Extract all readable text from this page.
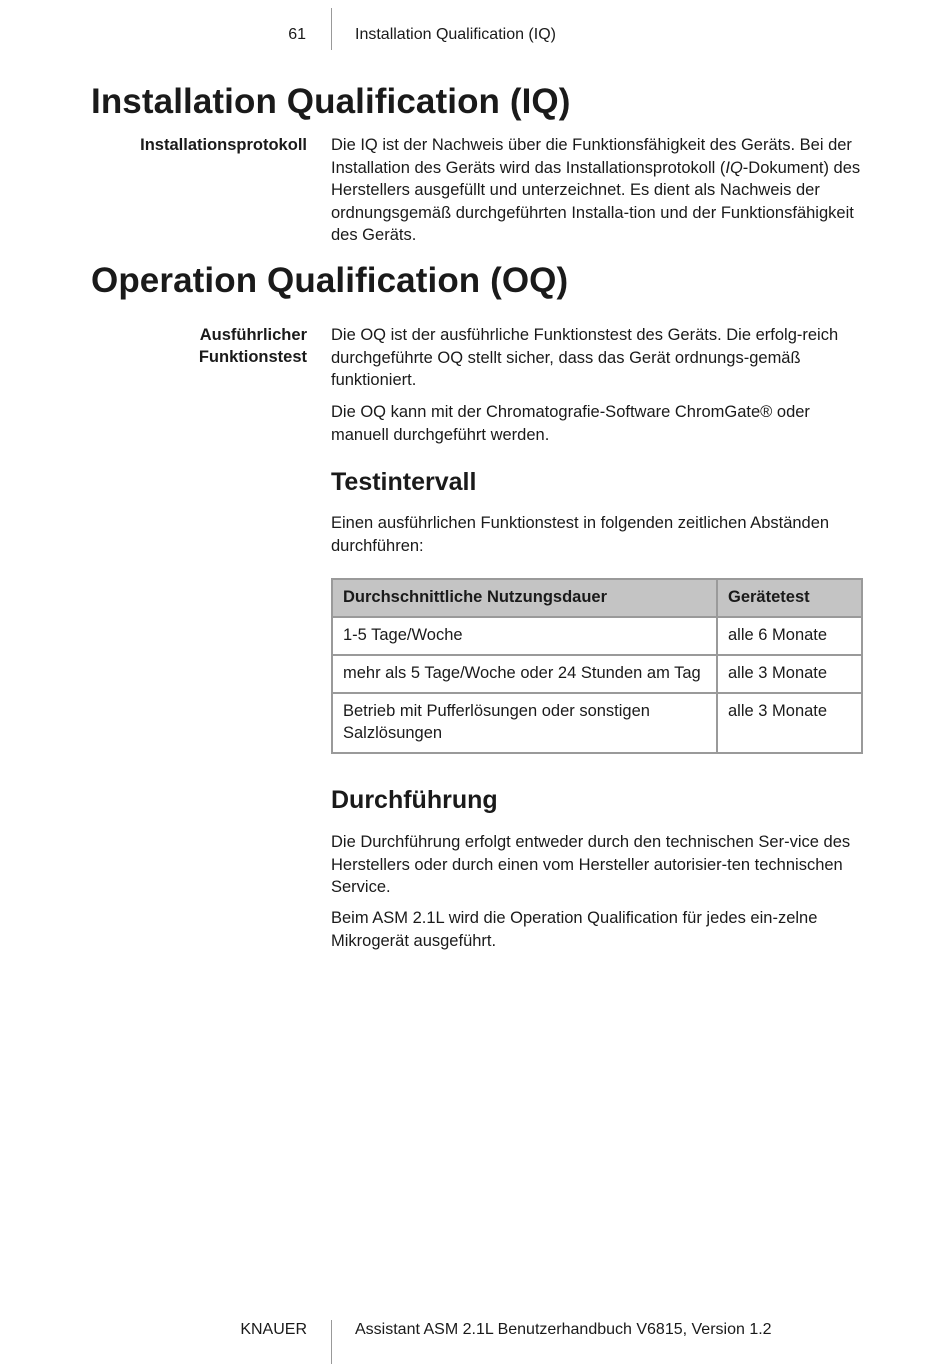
61	Installation Qualification (IQ)
Installation Qualification (IQ)
Installationsprotokoll Die IQ ist der Nachweis über die Funktionsfähigkeit des Geräts. Bei der Installation des Geräts wird das Installationsprotokoll (IQ-Dokument) des Herstellers ausgefüllt und unterzeichnet. Es dient als Nachweis der ordnungsgemäß durchgeführten Installa-tion und der Funktionsfähigkeit des Geräts.

Operation Qualification (OQ)
Ausführlicher
Funktionstest

Die OQ ist der ausführliche Funktionstest des Geräts. Die erfolg-reich durchgeführte OQ stellt sicher, dass das Gerät ordnungs-gemäß funktioniert.

Die OQ kann mit der Chromatografie-Software ChromGate® oder manuell durchgeführt werden.

Testintervall

Einen ausführlichen Funktionstest in folgenden zeitlichen Abständen durchführen:

Durchschnittliche Nutzungsdauer	Gerätetest
1-5 Tage/Woche	alle 6 Monate
mehr als 5 Tage/Woche oder 24 Stunden am Tag	alle 3 Monate
Betrieb mit Pufferlösungen oder sonstigen Salzlösungen	alle 3 Monate
Durchführung

Die Durchführung erfolgt entweder durch den technischen Ser-vice des Herstellers oder durch einen vom Hersteller autorisier-ten technischen Service.

Beim ASM 2.1L wird die Operation Qualification für jedes ein-zelne Mikrogerät ausgeführt.

KNAUER	Assistant ASM 2.1L Benutzerhandbuch V6815, Version 1.2
